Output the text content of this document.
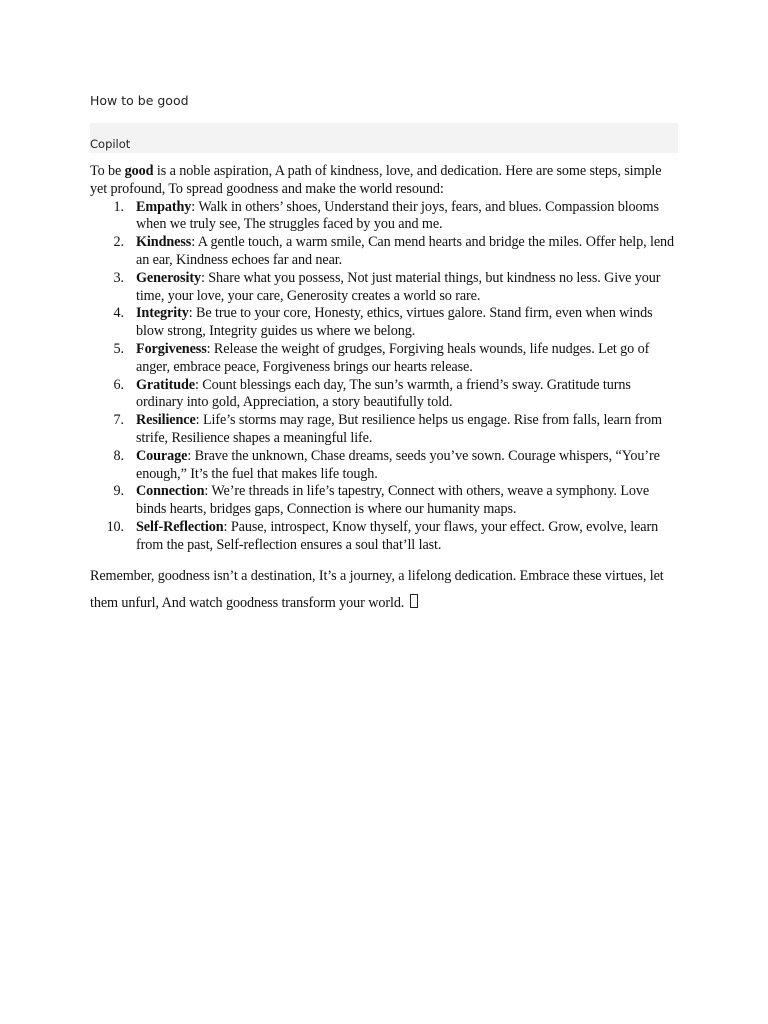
How to be good
Copilot

To be good is a noble aspiration, A path of kindness, love, and dedication. Here are some steps, simple yet profound, To spread goodness and make the world resound:

1. Empathy: Walk in others’ shoes, Understand their joys, fears, and blues. Compassion blooms when we truly see, The struggles faced by you and me.
2. Kindness: A gentle touch, a warm smile, Can mend hearts and bridge the miles. Offer help, lend an ear, Kindness echoes far and near.
3. Generosity: Share what you possess, Not just material things, but kindness no less. Give your time, your love, your care, Generosity creates a world so rare.
4. Integrity: Be true to your core, Honesty, ethics, virtues galore. Stand firm, even when winds blow strong, Integrity guides us where we belong.
5. Forgiveness: Release the weight of grudges, Forgiving heals wounds, life nudges. Let go of anger, embrace peace, Forgiveness brings our hearts release.
6. Gratitude: Count blessings each day, The sun’s warmth, a friend’s sway. Gratitude turns ordinary into gold, Appreciation, a story beautifully told.
7. Resilience: Life’s storms may rage, But resilience helps us engage. Rise from falls, learn from strife, Resilience shapes a meaningful life.
8. Courage: Brave the unknown, Chase dreams, seeds you’ve sown. Courage whispers, “You’re enough,” It’s the fuel that makes life tough.
9. Connection: We’re threads in life’s tapestry, Connect with others, weave a symphony. Love binds hearts, bridges gaps, Connection is where our humanity maps.
10. Self-Reflection: Pause, introspect, Know thyself, your flaws, your effect. Grow, evolve, learn from the past, Self-reflection ensures a soul that’ll last.

Remember, goodness isn’t a destination, It’s a journey, a lifelong dedication. Embrace these virtues, let them unfurl, And watch goodness transform your world.
